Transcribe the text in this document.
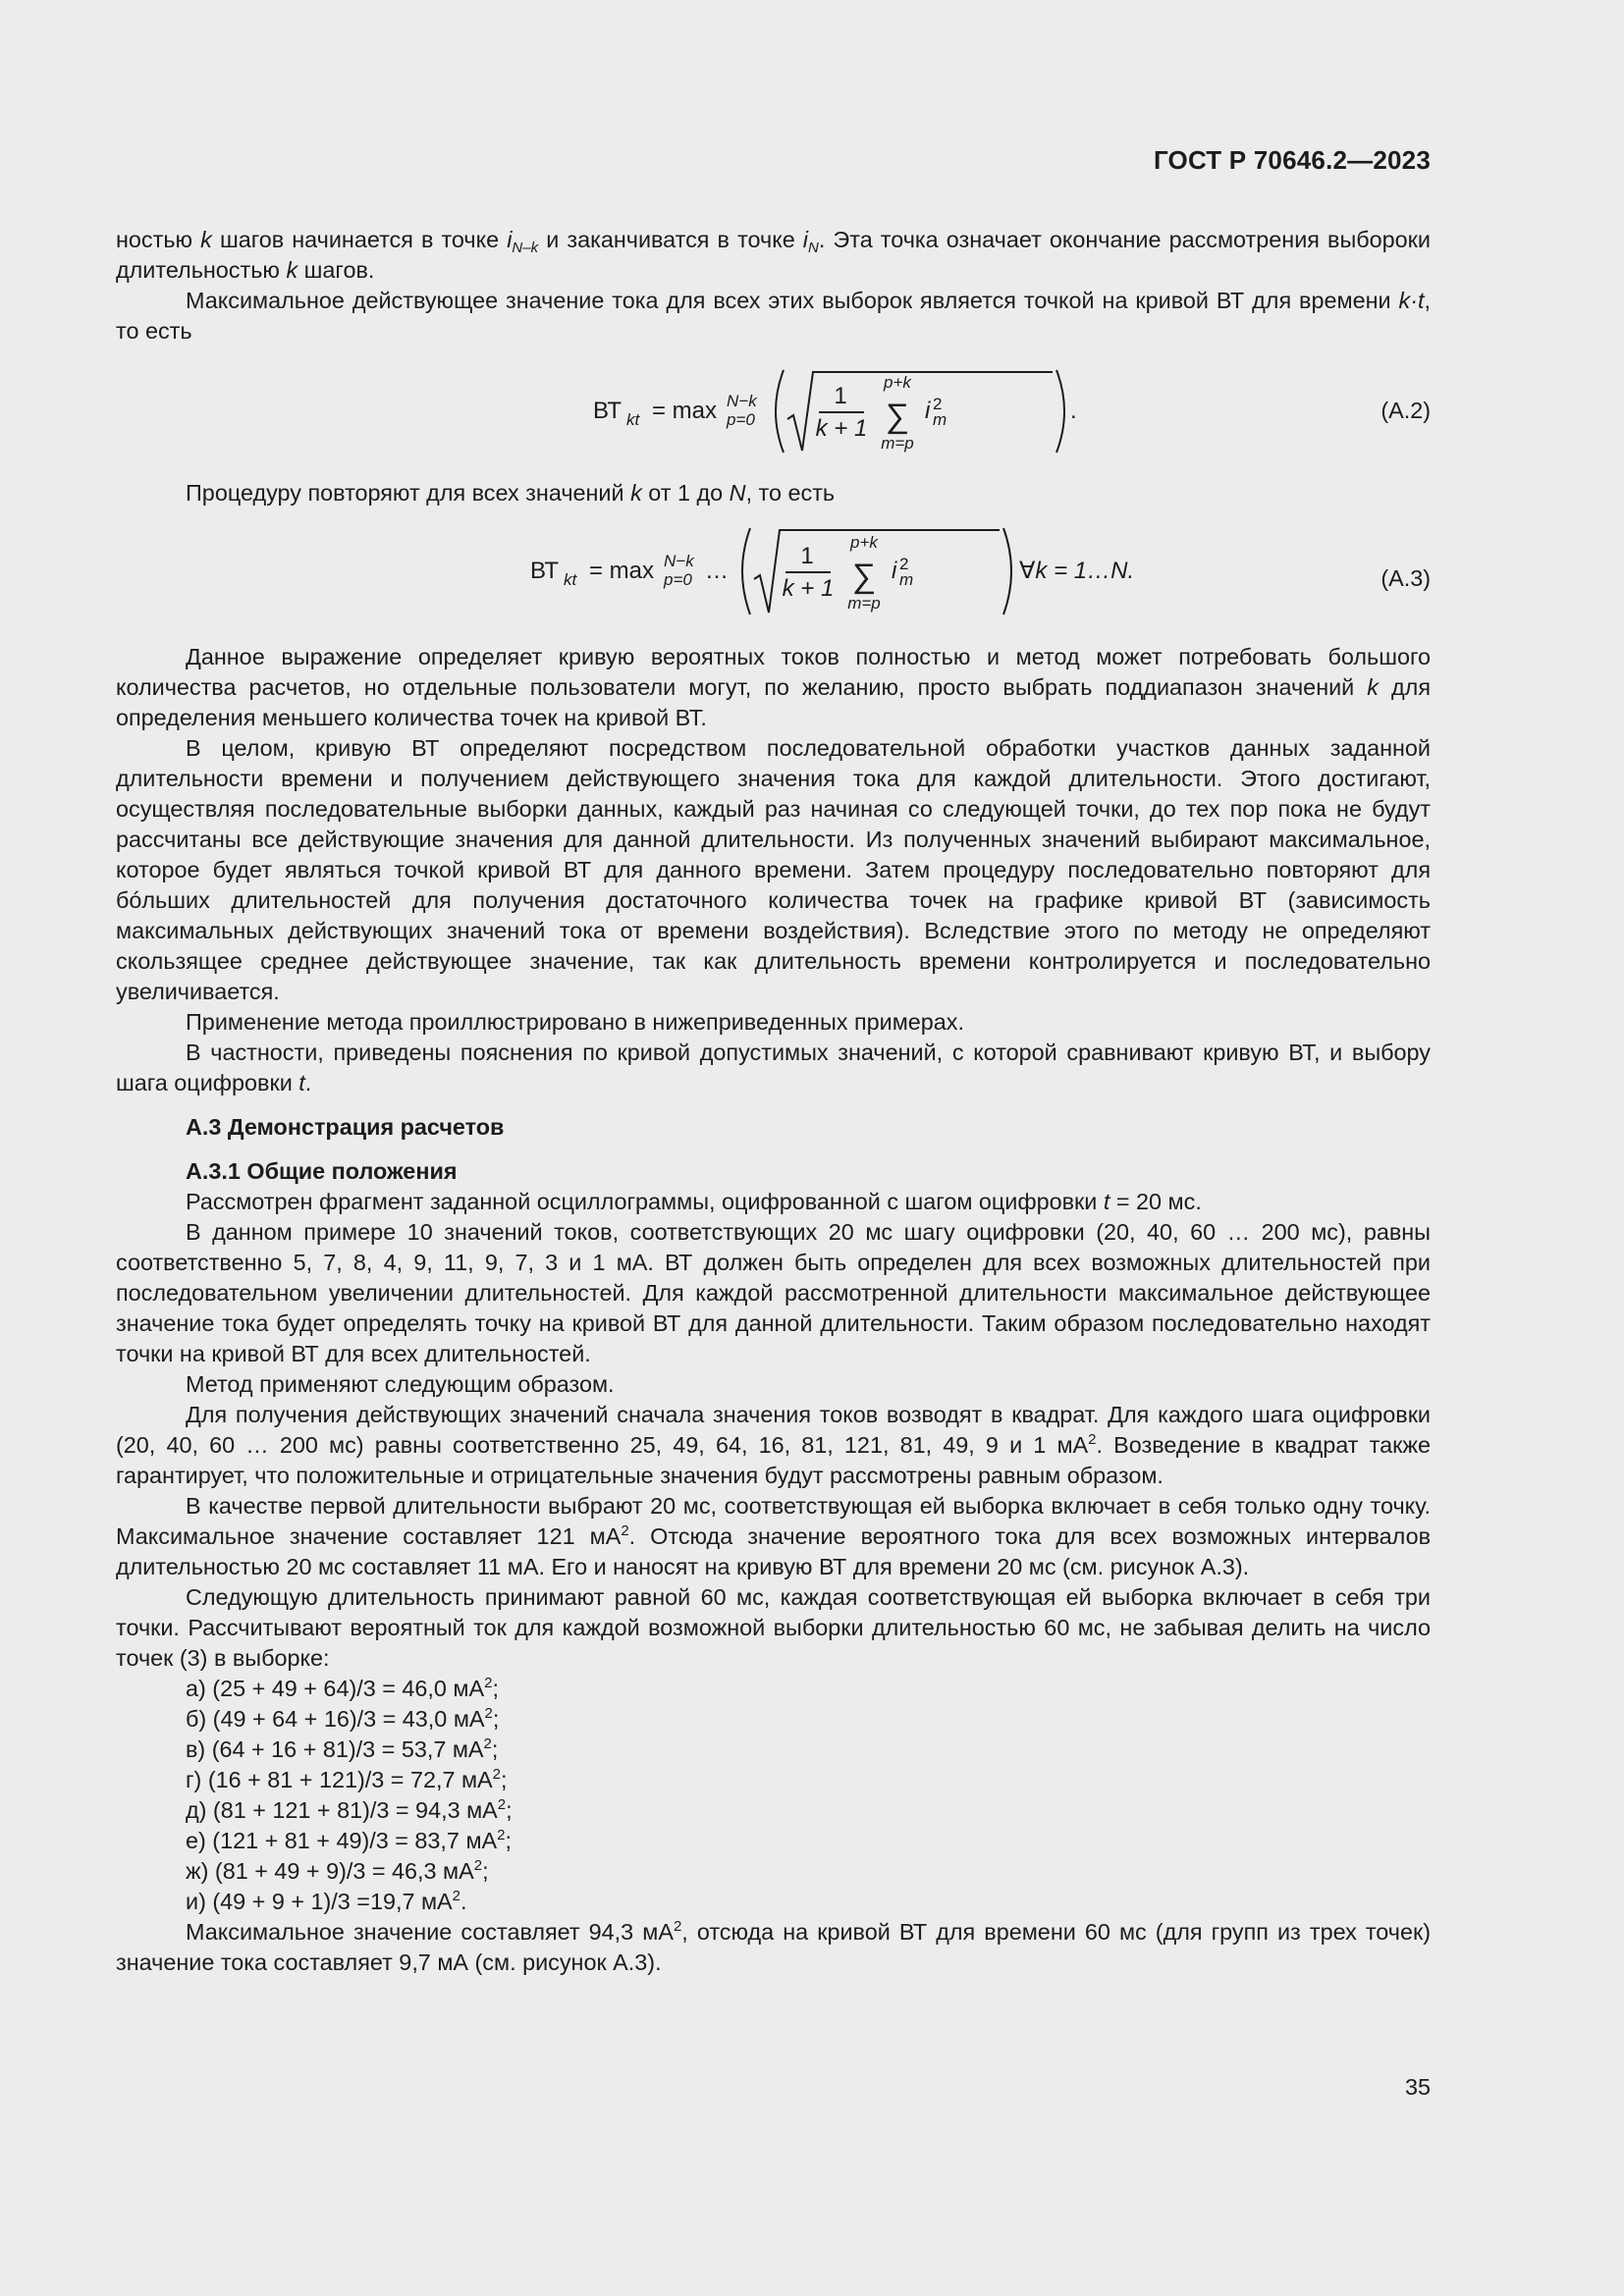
ГОСТ Р 70646.2—2023

ностью k шагов начинается в точке $i_{N-k}$ и заканчиватся в точке $i_N$. Эта точка означает окончание рассмотрения выбороки длительностью k шагов.

Максимальное действующее значение тока для всех этих выборок является точкой на кривой ВТ для времени k·t, то есть

ВТ kt = max N−k
p=0
1
k + 1
p+k
∑
m=p
i 2
m	.	(A.2)

Процедуру повторяют для всех значений k от 1 до N, то есть

ВТ kt = max N−k
p=0 …
1
k + 1
p+k
∑
m=p
i 2
m	∀k = 1…N.	(A.3)

Данное выражение определяет кривую вероятных токов полностью и метод может потребовать большого количества расчетов, но отдельные пользователи могут, по желанию, просто выбрать поддиапазон значений k для определения меньшего количества точек на кривой ВТ.

В целом, кривую ВТ определяют посредством последовательной обработки участков данных заданной длительности времени и получением действующего значения тока для каждой длительности. Этого достигают, осуществляя последовательные выборки данных, каждый раз начиная со следующей точки, до тех пор пока не будут рассчитаны все действующие значения для данной длительности. Из полученных значений выбирают максимальное, которое будет являться точкой кривой ВТ для данного времени. Затем процедуру последовательно повторяют для бóльших длительностей для получения достаточного количества точек на графике кривой ВТ (зависимость максимальных действующих значений тока от времени воздействия). Вследствие этого по методу не определяют скользящее среднее действующее значение, так как длительность времени контролируется и последовательно увеличивается.

Применение метода проиллюстрировано в нижеприведенных примерах.

В частности, приведены пояснения по кривой допустимых значений, с которой сравнивают кривую ВТ, и выбору шага оцифровки t.

А.3 Демонстрация расчетов

А.3.1 Общие положения

Рассмотрен фрагмент заданной осциллограммы, оцифрованной с шагом оцифровки t = 20 мс.

В данном примере 10 значений токов, соответствующих 20 мс шагу оцифровки (20, 40, 60 … 200 мс), равны соответственно 5, 7, 8, 4, 9, 11, 9, 7, 3 и 1 мА. ВТ должен быть определен для всех возможных длительностей при последовательном увеличении длительностей. Для каждой рассмотренной длительности максимальное действующее значение тока будет определять точку на кривой ВТ для данной длительности. Таким образом последовательно находят точки на кривой ВТ для всех длительностей.

Метод применяют следующим образом.

Для получения действующих значений сначала значения токов возводят в квадрат. Для каждого шага оцифровки (20, 40, 60 … 200 мс) равны соответственно 25, 49, 64, 16, 81, 121, 81, 49, 9 и 1 $мА^2$. Возведение в квадрат также гарантирует, что положительные и отрицательные значения будут рассмотрены равным образом.

В качестве первой длительности выбрают 20 мс, соответствующая ей выборка включает в себя только одну точку. Максимальное значение составляет 121 $мА^2$. Отсюда значение вероятного тока для всех возможных интервалов длительностью 20 мс составляет 11 мА. Его и наносят на кривую ВТ для времени 20 мс (см. рисунок А.3).

Следующую длительность принимают равной 60 мс, каждая соответствующая ей выборка включает в себя три точки. Рассчитывают вероятный ток для каждой возможной выборки длительностью 60 мс, не забывая делить на число точек (3) в выборке:

а) (25 + 49 + 64)/3 = 46,0 $мА^2$;

б) (49 + 64 + 16)/3 = 43,0 $мА^2$;

в) (64 + 16 + 81)/3 = 53,7 $мА^2$;

г) (16 + 81 + 121)/3 = 72,7 $мА^2$;

д) (81 + 121 + 81)/3 = 94,3 $мА^2$;

е) (121 + 81 + 49)/3 = 83,7 $мА^2$;

ж) (81 + 49 + 9)/3 = 46,3 $мА^2$;

и) (49 + 9 + 1)/3 =19,7 $мА^2$.

Максимальное значение составляет 94,3 $мА^2$, отсюда на кривой ВТ для времени 60 мс (для групп из трех точек) значение тока составляет 9,7 мА (см. рисунок А.3).

35
